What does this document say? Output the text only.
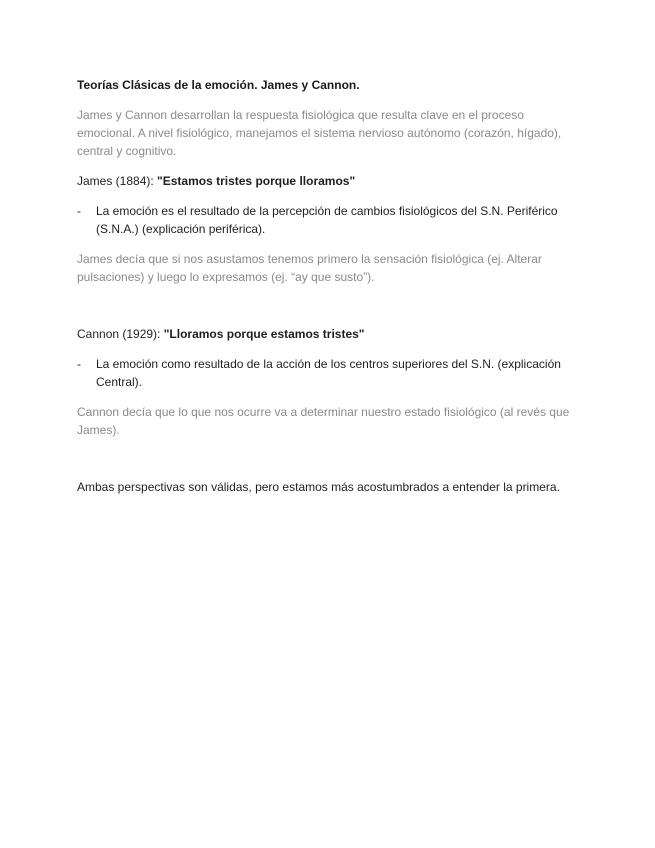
Teorías Clásicas de la emoción. James y Cannon.

James y Cannon desarrollan la respuesta fisiológica que resulta clave en el proceso emocional. A nivel fisiológico, manejamos el sistema nervioso autónomo (corazón, hígado), central y cognitivo.

James (1884): "Estamos tristes porque lloramos"

-	La emoción es el resultado de la percepción de cambios fisiológicos del S.N. Periférico (S.N.A.) (explicación periférica).

James decía que si nos asustamos tenemos primero la sensación fisiológica (ej. Alterar pulsaciones) y luego lo expresamos (ej. “ay que susto”).

Cannon (1929): "Lloramos porque estamos tristes"

-	La emoción como resultado de la acción de los centros superiores del S.N. (explicación Central).

Cannon decía que lo que nos ocurre va a determinar nuestro estado fisiológico (al revés que James).

Ambas perspectivas son válidas, pero estamos más acostumbrados a entender la primera.
